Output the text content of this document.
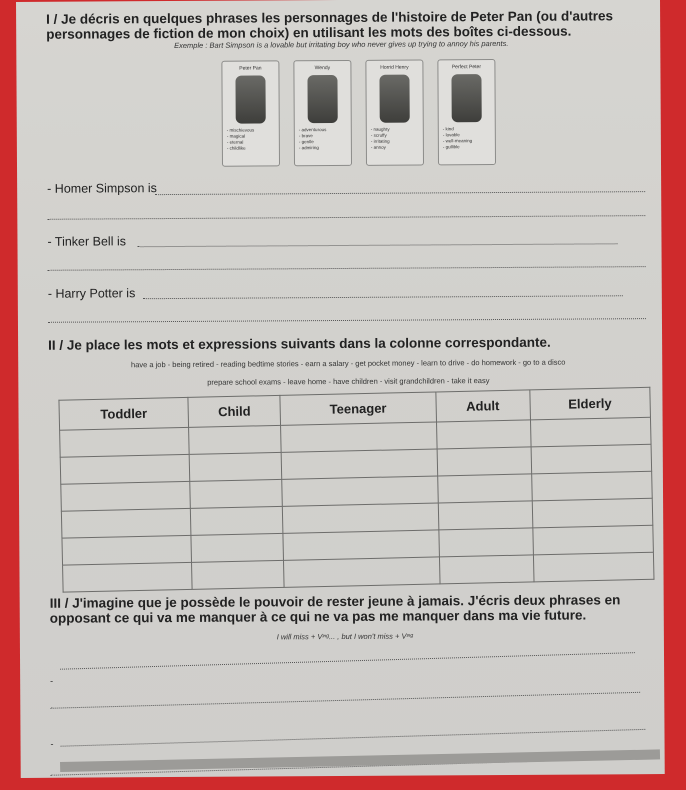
I / Je décris en quelques phrases les personnages de l'histoire de Peter Pan (ou d'autres personnages de fiction de mon choix) en utilisant les mots des boîtes ci-dessous.

Exemple : Bart Simpson is a lovable but irritating boy who never gives up trying to annoy his parents.
Peter Pan
- mischievous
- magical
- eternal
- childlike
Wendy
- adventurous
- brave
- gentle
- admiring
Horrid Henry
- naughty
- scruffy
- irritating
- annoy
Perfect Peter
- kind
- lovable
- well-meaning
- gullible
- Homer Simpson is
- Tinker Bell is
- Harry Potter is

II / Je place les mots et expressions suivants dans la colonne correspondante.

have a job - being retired - reading bedtime stories - earn a salary - get pocket money - learn to drive - do homework - go to a disco
prepare school exams - leave home - have children - visit grandchildren - take it easy
Toddler	Child	Teenager	Adult	Elderly

III / J'imagine que je possède le pouvoir de rester jeune à jamais. J'écris deux phrases en opposant ce qui va me manquer à ce qui ne va pas me manquer dans ma vie future.

I will miss + Vᶦⁿᵍ... , but I won't miss + Vᶦⁿᵍ
-
-
